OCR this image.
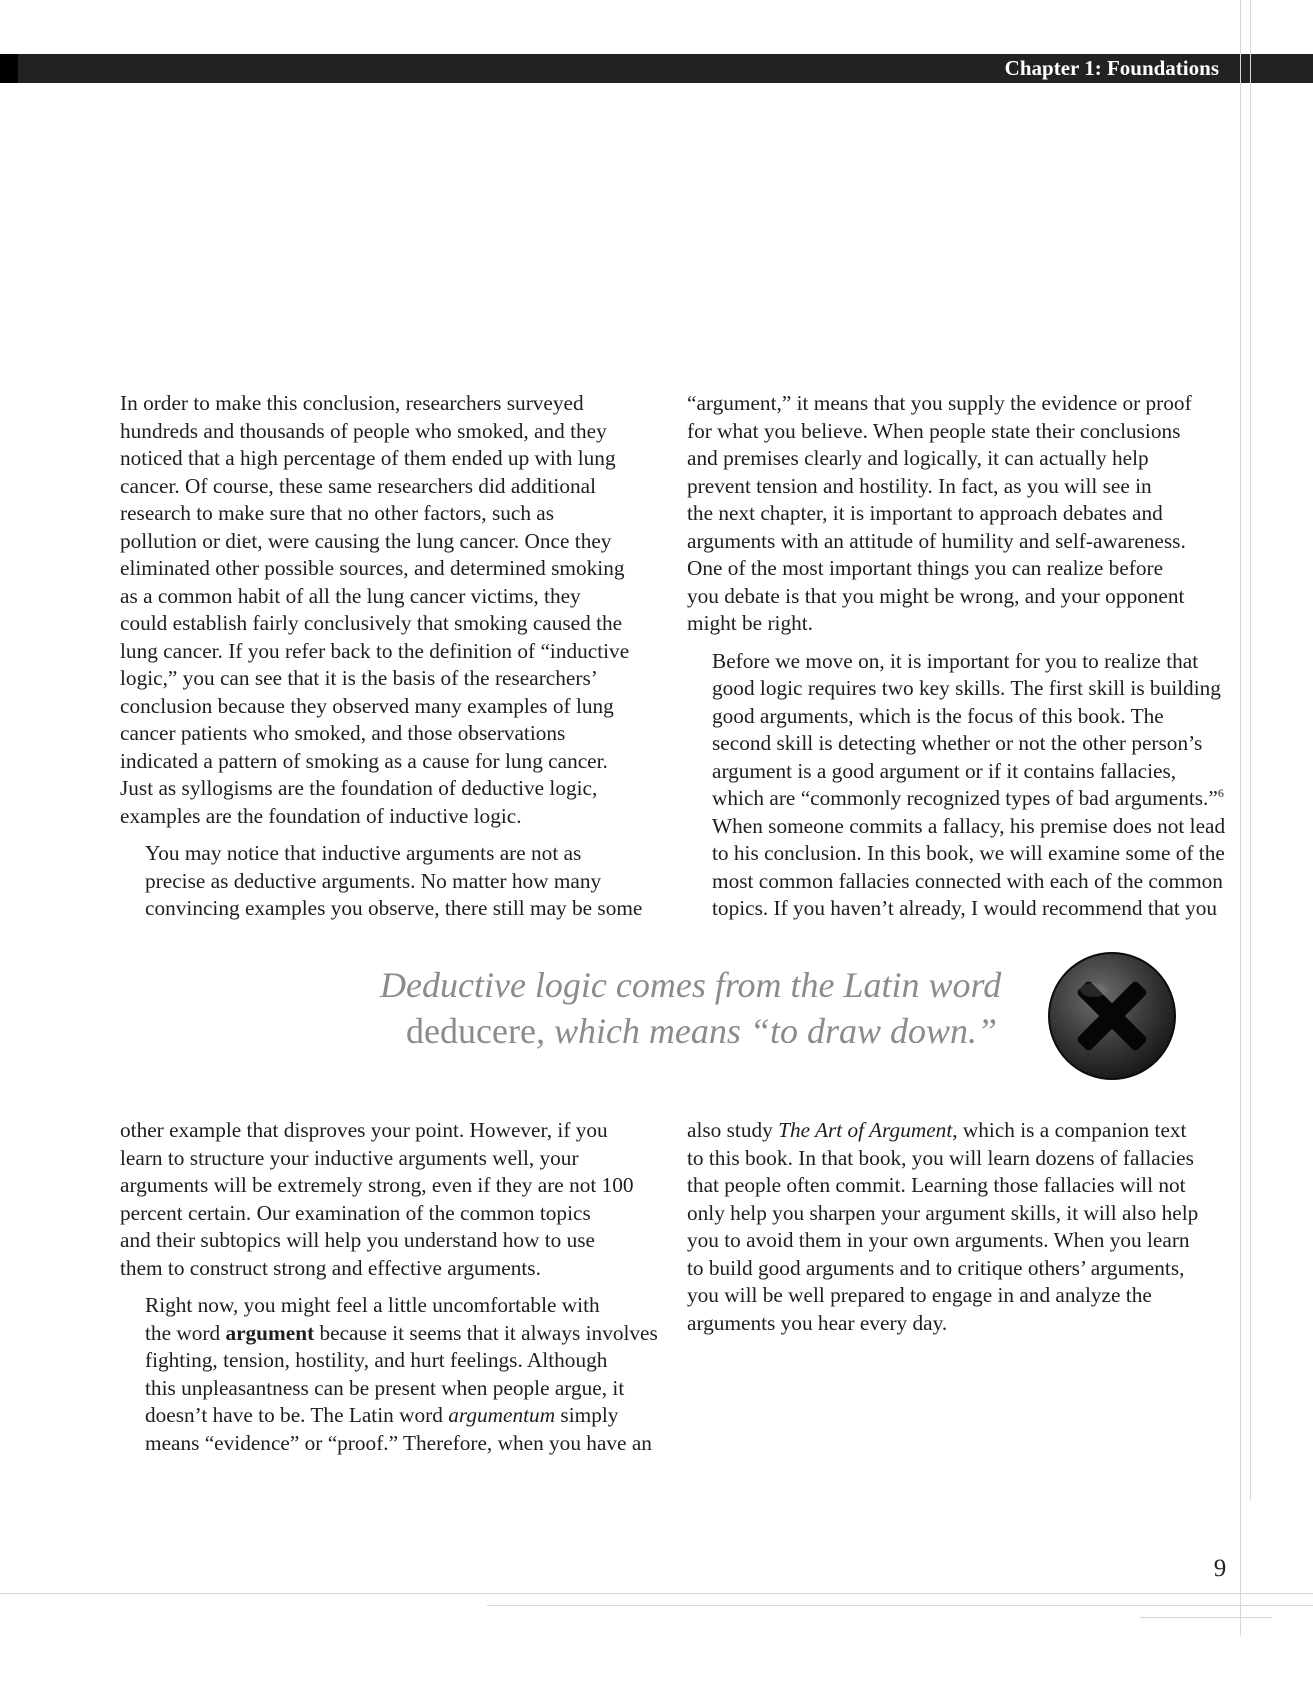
Chapter 1: Foundations

In order to make this conclusion, researchers surveyed
hundreds and thousands of people who smoked, and they
noticed that a high percentage of them ended up with lung
cancer. Of course, these same researchers did additional
research to make sure that no other factors, such as
pollution or diet, were causing the lung cancer. Once they
eliminated other possible sources, and determined smoking
as a common habit of all the lung cancer victims, they
could establish fairly conclusively that smoking caused the
lung cancer. If you refer back to the definition of “inductive
logic,” you can see that it is the basis of the researchers’
conclusion because they observed many examples of lung
cancer patients who smoked, and those observations
indicated a pattern of smoking as a cause for lung cancer.
Just as syllogisms are the foundation of deductive logic,
examples are the foundation of inductive logic.

You may notice that inductive arguments are not as
precise as deductive arguments. No matter how many
convincing examples you observe, there still may be some

“argument,” it means that you supply the evidence or proof
for what you believe. When people state their conclusions
and premises clearly and logically, it can actually help
prevent tension and hostility. In fact, as you will see in
the next chapter, it is important to approach debates and
arguments with an attitude of humility and self-awareness.
One of the most important things you can realize before
you debate is that you might be wrong, and your opponent
might be right.

Before we move on, it is important for you to realize that
good logic requires two key skills. The first skill is building
good arguments, which is the focus of this book. The
second skill is detecting whether or not the other person’s
argument is a good argument or if it contains fallacies,
which are “commonly recognized types of bad arguments.”$^6$
When someone commits a fallacy, his premise does not lead
to his conclusion. In this book, we will examine some of the
most common fallacies connected with each of the common
topics. If you haven’t already, I would recommend that you

Deductive logic comes from the Latin word
deducere, which means “to draw down.”

other example that disproves your point. However, if you
learn to structure your inductive arguments well, your
arguments will be extremely strong, even if they are not 100
percent certain. Our examination of the common topics
and their subtopics will help you understand how to use
them to construct strong and effective arguments.

Right now, you might feel a little uncomfortable with
the word argument because it seems that it always involves
fighting, tension, hostility, and hurt feelings. Although
this unpleasantness can be present when people argue, it
doesn’t have to be. The Latin word argumentum simply
means “evidence” or “proof.” Therefore, when you have an

also study The Art of Argument, which is a companion text
to this book. In that book, you will learn dozens of fallacies
that people often commit. Learning those fallacies will not
only help you sharpen your argument skills, it will also help
you to avoid them in your own arguments. When you learn
to build good arguments and to critique others’ arguments,
you will be well prepared to engage in and analyze the
arguments you hear every day.

9
